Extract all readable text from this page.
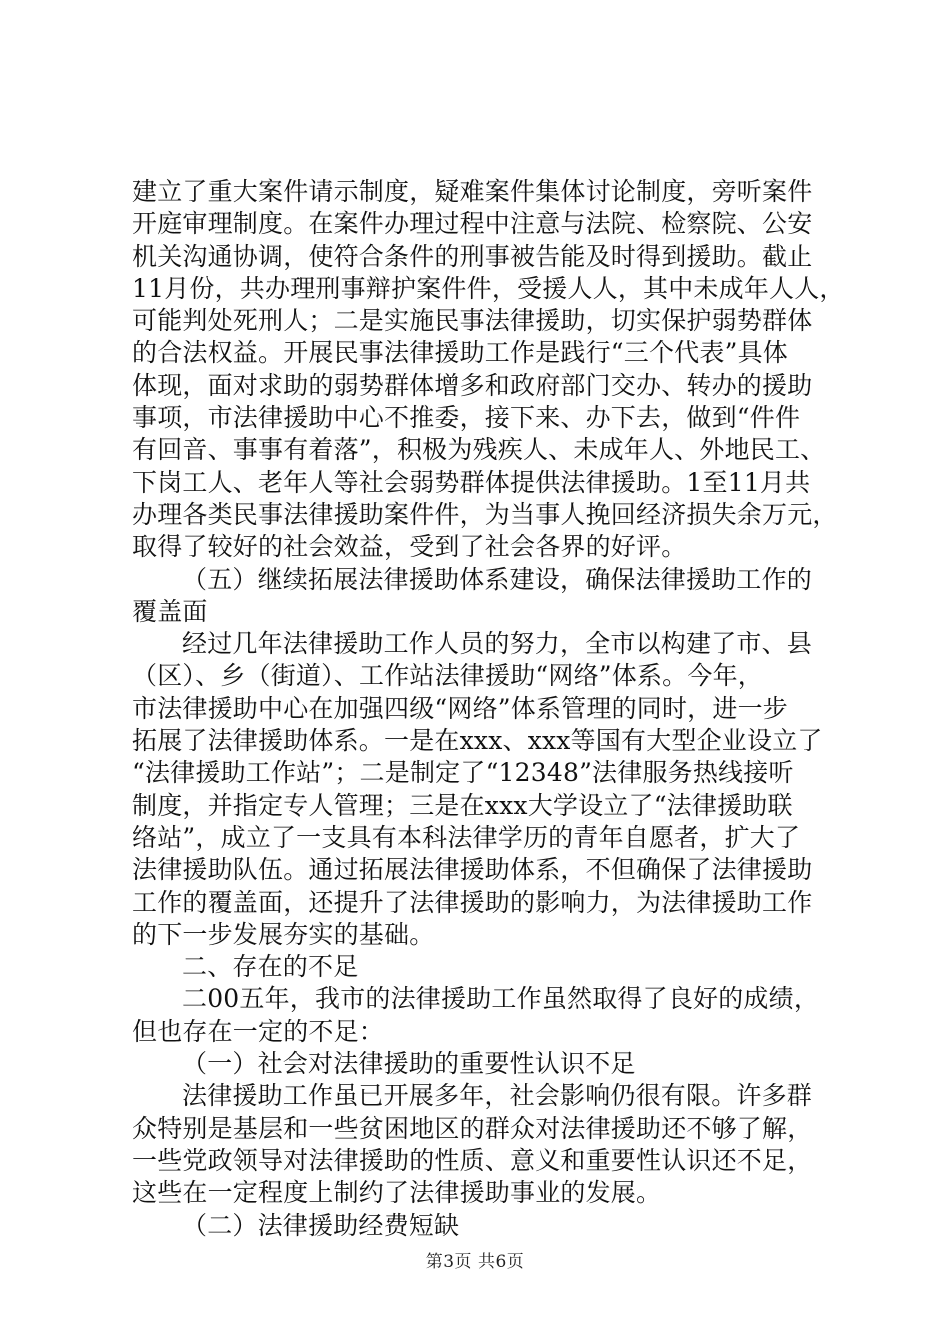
建立了重大案件请示制度，疑难案件集体讨论制度，旁听案件
开庭审理制度。在案件办理过程中注意与法院、检察院、公安
机关沟通协调，使符合条件的刑事被告能及时得到援助。截止
11月份，共办理刑事辩护案件件，受援人人，其中未成年人人，
可能判处死刑人；二是实施民事法律援助，切实保护弱势群体
的合法权益。开展民事法律援助工作是践行“三个代表”具体
体现，面对求助的弱势群体增多和政府部门交办、转办的援助
事项，市法律援助中心不推委，接下来、办下去，做到“件件
有回音、事事有着落”，积极为残疾人、未成年人、外地民工、
下岗工人、老年人等社会弱势群体提供法律援助。1至11月共
办理各类民事法律援助案件件，为当事人挽回经济损失余万元，
取得了较好的社会效益，受到了社会各界的好评。
（五）继续拓展法律援助体系建设，确保法律援助工作的
覆盖面
经过几年法律援助工作人员的努力，全市以构建了市、县
（区）、乡（街道）、工作站法律援助“网络”体系。今年，
市法律援助中心在加强四级“网络”体系管理的同时，进一步
拓展了法律援助体系。一是在xxx、xxx等国有大型企业设立了
“法律援助工作站”；二是制定了“12348”法律服务热线接听
制度，并指定专人管理；三是在xxx大学设立了“法律援助联
络站”，成立了一支具有本科法律学历的青年自愿者，扩大了
法律援助队伍。通过拓展法律援助体系，不但确保了法律援助
工作的覆盖面，还提升了法律援助的影响力，为法律援助工作
的下一步发展夯实的基础。
二、存在的不足
二00五年，我市的法律援助工作虽然取得了良好的成绩，
但也存在一定的不足：
（一）社会对法律援助的重要性认识不足
法律援助工作虽已开展多年，社会影响仍很有限。许多群
众特别是基层和一些贫困地区的群众对法律援助还不够了解，
一些党政领导对法律援助的性质、意义和重要性认识还不足，
这些在一定程度上制约了法律援助事业的发展。
（二）法律援助经费短缺
第3页 共6页
